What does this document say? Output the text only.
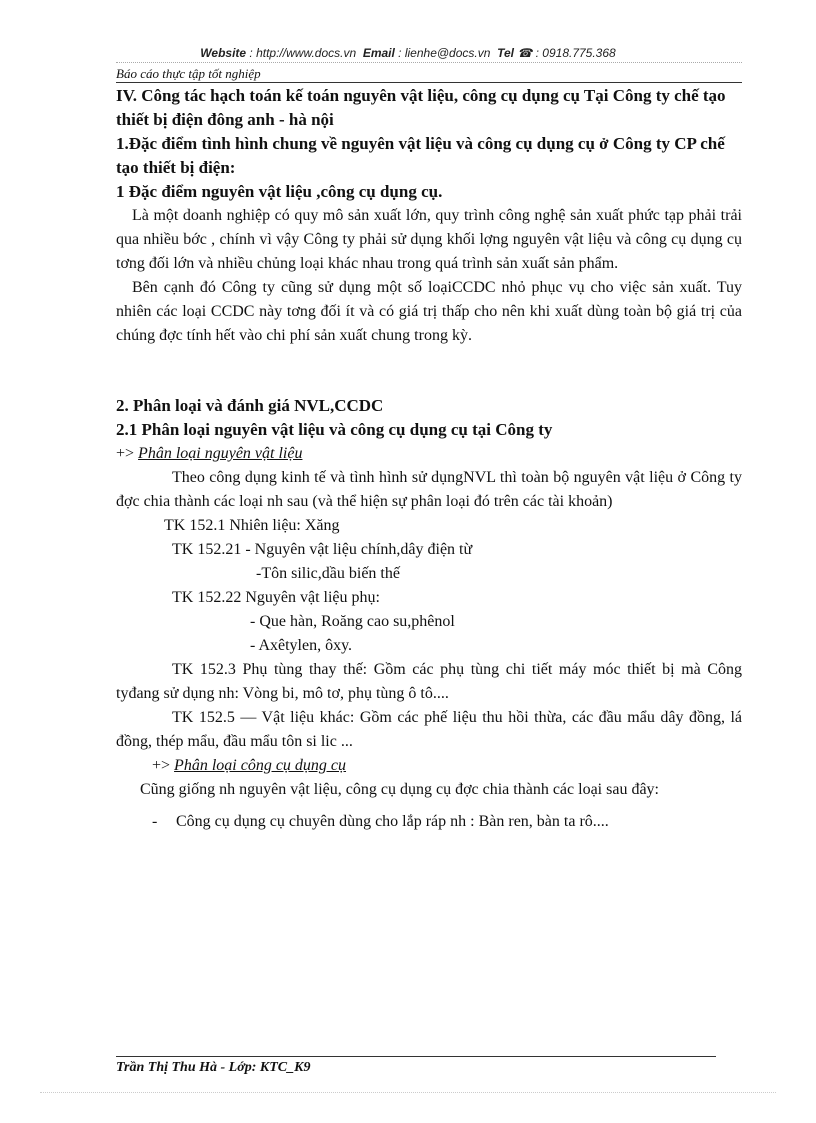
Website : http://www.docs.vn Email : lienhe@docs.vn Tel ☎ : 0918.775.368
Báo cáo thực tập tốt nghiệp

IV. Công tác hạch toán kế toán nguyên vật liệu, công cụ dụng cụ Tại Công ty chế tạo thiết bị điện đông anh - hà nội

1.Đặc điểm tình hình chung về nguyên vật liệu và công cụ dụng cụ ở Công ty CP chế tạo thiết bị điện:

1 Đặc điểm nguyên vật liệu ,công cụ dụng cụ.

Là một doanh nghiệp có quy mô sản xuất lớn, quy trình công nghệ sản xuất phức tạp phải trải qua nhiều bớc , chính vì vậy Công ty phải sử dụng khối lợng nguyên vật liệu và công cụ dụng cụ tơng đối lớn và nhiều chủng loại khác nhau trong quá trình sản xuất sản phẩm.

Bên cạnh đó Công ty cũng sử dụng một số loạiCCDC nhỏ phục vụ cho việc sản xuất. Tuy nhiên các loại CCDC này tơng đối ít và có giá trị thấp cho nên khi xuất dùng toàn bộ giá trị của chúng đợc tính hết vào chi phí sản xuất chung trong kỳ.

2. Phân loại và đánh giá NVL,CCDC

2.1 Phân loại nguyên vật liệu và công cụ dụng cụ tại Công ty

+> Phân loại nguyên vật liệu

Theo công dụng kinh tế và tình hình sử dụngNVL thì toàn bộ nguyên vật liệu ở Công ty đợc chia thành các loại nh sau (và thể hiện sự phân loại đó trên các tài khoản)

TK 152.1 Nhiên liệu: Xăng

TK 152.21 - Nguyên vật liệu chính,dây điện từ

-Tôn silic,dầu biến thế

TK 152.22 Nguyên vật liệu phụ:

- Que hàn, Roăng cao su,phênol

- Axêtylen, ôxy.

TK 152.3 Phụ tùng thay thế: Gồm các phụ tùng chi tiết máy móc thiết bị mà Công tyđang sử dụng nh: Vòng bi, mô tơ, phụ tùng ô tô....

TK 152.5 — Vật liệu khác: Gồm các phế liệu thu hồi thừa, các đầu mẩu dây đồng, lá đồng, thép mẩu, đầu mẩu tôn si lic ...

+> Phân loại công cụ dụng cụ

Cũng giống nh nguyên vật liệu, công cụ dụng cụ đợc chia thành các loại sau đây:

- Công cụ dụng cụ chuyên dùng cho lắp ráp nh : Bàn ren, bàn ta rô....

Trần Thị Thu Hà - Lớp: KTC_K9
